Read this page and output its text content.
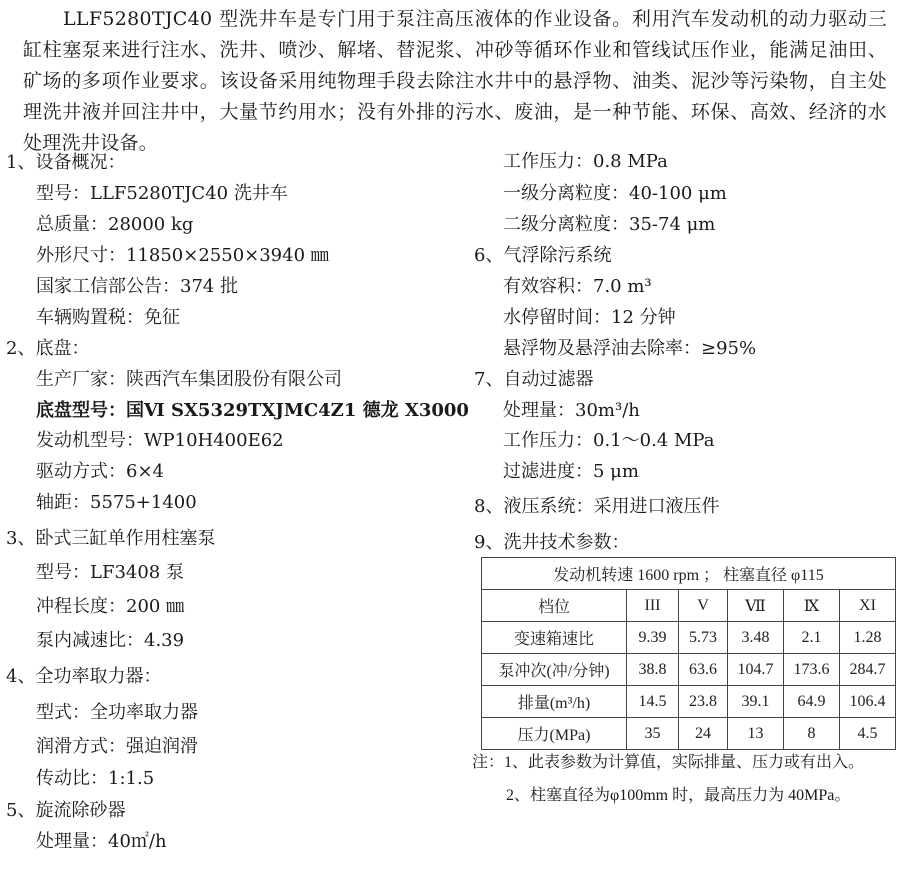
LLF5280TJC40 型洗井车是专门用于泵注高压液体的作业设备。利用汽车发动机的动力驱动三缸柱塞泵来进行注水、洗井、喷沙、解堵、替泥浆、冲砂等循环作业和管线试压作业，能满足油田、矿场的多项作业要求。该设备采用纯物理手段去除注水井中的悬浮物、油类、泥沙等污染物，自主处理洗井液并回注井中，大量节约用水；没有外排的污水、废油，是一种节能、环保、高效、经济的水处理洗井设备。

1、设备概况：
型号：LLF5280TJC40 洗井车
总质量：28000 kg
外形尺寸：11850×2550×3940 ㎜
国家工信部公告：374 批
车辆购置税：免征
2、底盘：
生产厂家：陕西汽车集团股份有限公司
底盘型号：国Ⅵ SX5329TXJMC4Z1 德龙 X3000
发动机型号：WP10H400E62
驱动方式：6×4
轴距：5575+1400
3、卧式三缸单作用柱塞泵
型号：LF3408 泵
冲程长度：200 ㎜
泵内减速比：4.39
4、全功率取力器：
型式：全功率取力器
润滑方式：强迫润滑
传动比：1:1.5
5、旋流除砂器
处理量：40㎡/h
工作压力：0.8 MPa
一级分离粒度：40-100 μm
二级分离粒度：35-74 μm
6、气浮除污系统
有效容积：7.0 m³
水停留时间：12 分钟
悬浮物及悬浮油去除率：≥95%
7、自动过滤器
处理量：30m³/h
工作压力：0.1～0.4 MPa
过滤进度：5 μm
8、液压系统：采用进口液压件
9、洗井技术参数：
发动机转速 1600 rpm ； 柱塞直径 φ115					
档位	III	V	Ⅶ	Ⅸ	XI
变速箱速比	9.39	5.73	3.48	2.1	1.28
泵冲次(冲/分钟)	38.8	63.6	104.7	173.6	284.7
排量(m³/h)	14.5	23.8	39.1	64.9	106.4
压力(MPa)	35	24	13	8	4.5
注：1、此表参数为计算值，实际排量、压力或有出入。
2、柱塞直径为φ100mm 时，最高压力为 40MPa。
